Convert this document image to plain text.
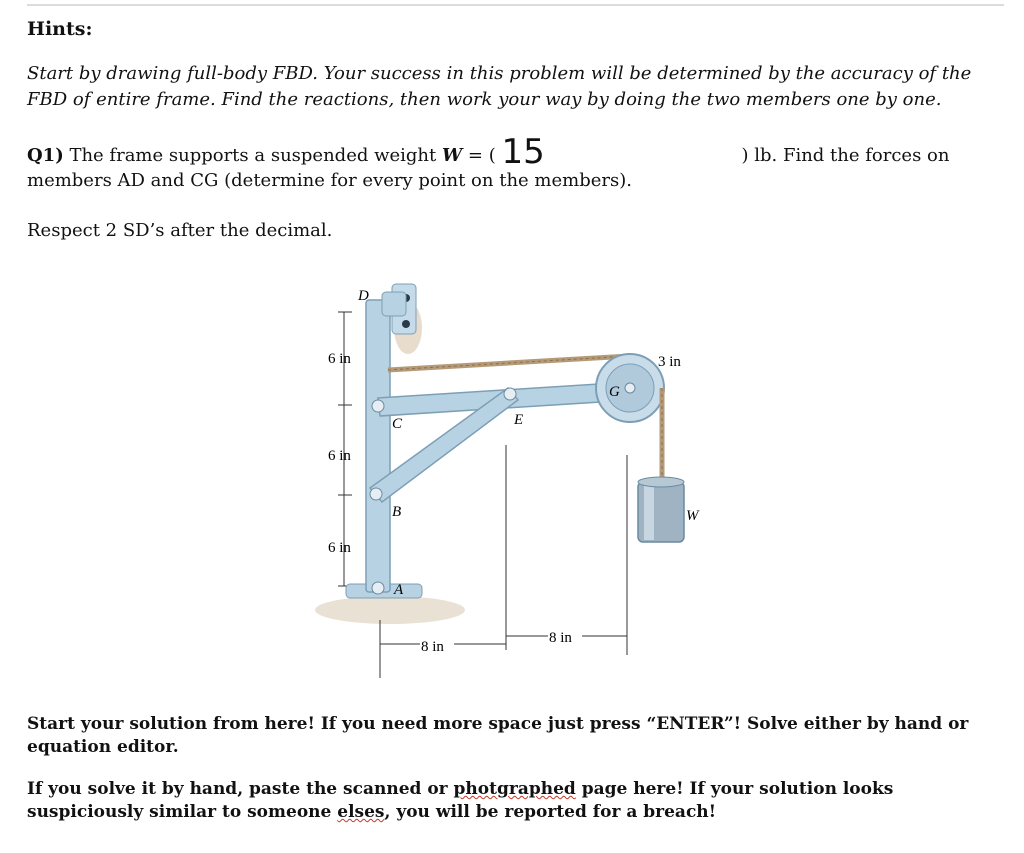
Hints:
Start by drawing full-body FBD. Your success in this problem will be determined by the accuracy of the FBD of entire frame. Find the reactions, then work your way by doing the two members one by one.
Q1) The frame supports a suspended weight W = ( 15	) lb. Find the forces on
members AD and CG (determine for every point on the members).
Respect 2 SD’s after the decimal.
6 in
6 in
6 in
8 in
8 in
D
C
B
A
E
G
W
3 in

Start your solution from here! If you need more space just press “ENTER”! Solve either by hand or equation editor.

If you solve it by hand, paste the scanned or photgraphed page here! If your solution looks suspiciously similar to someone elses, you will be reported for a breach!
